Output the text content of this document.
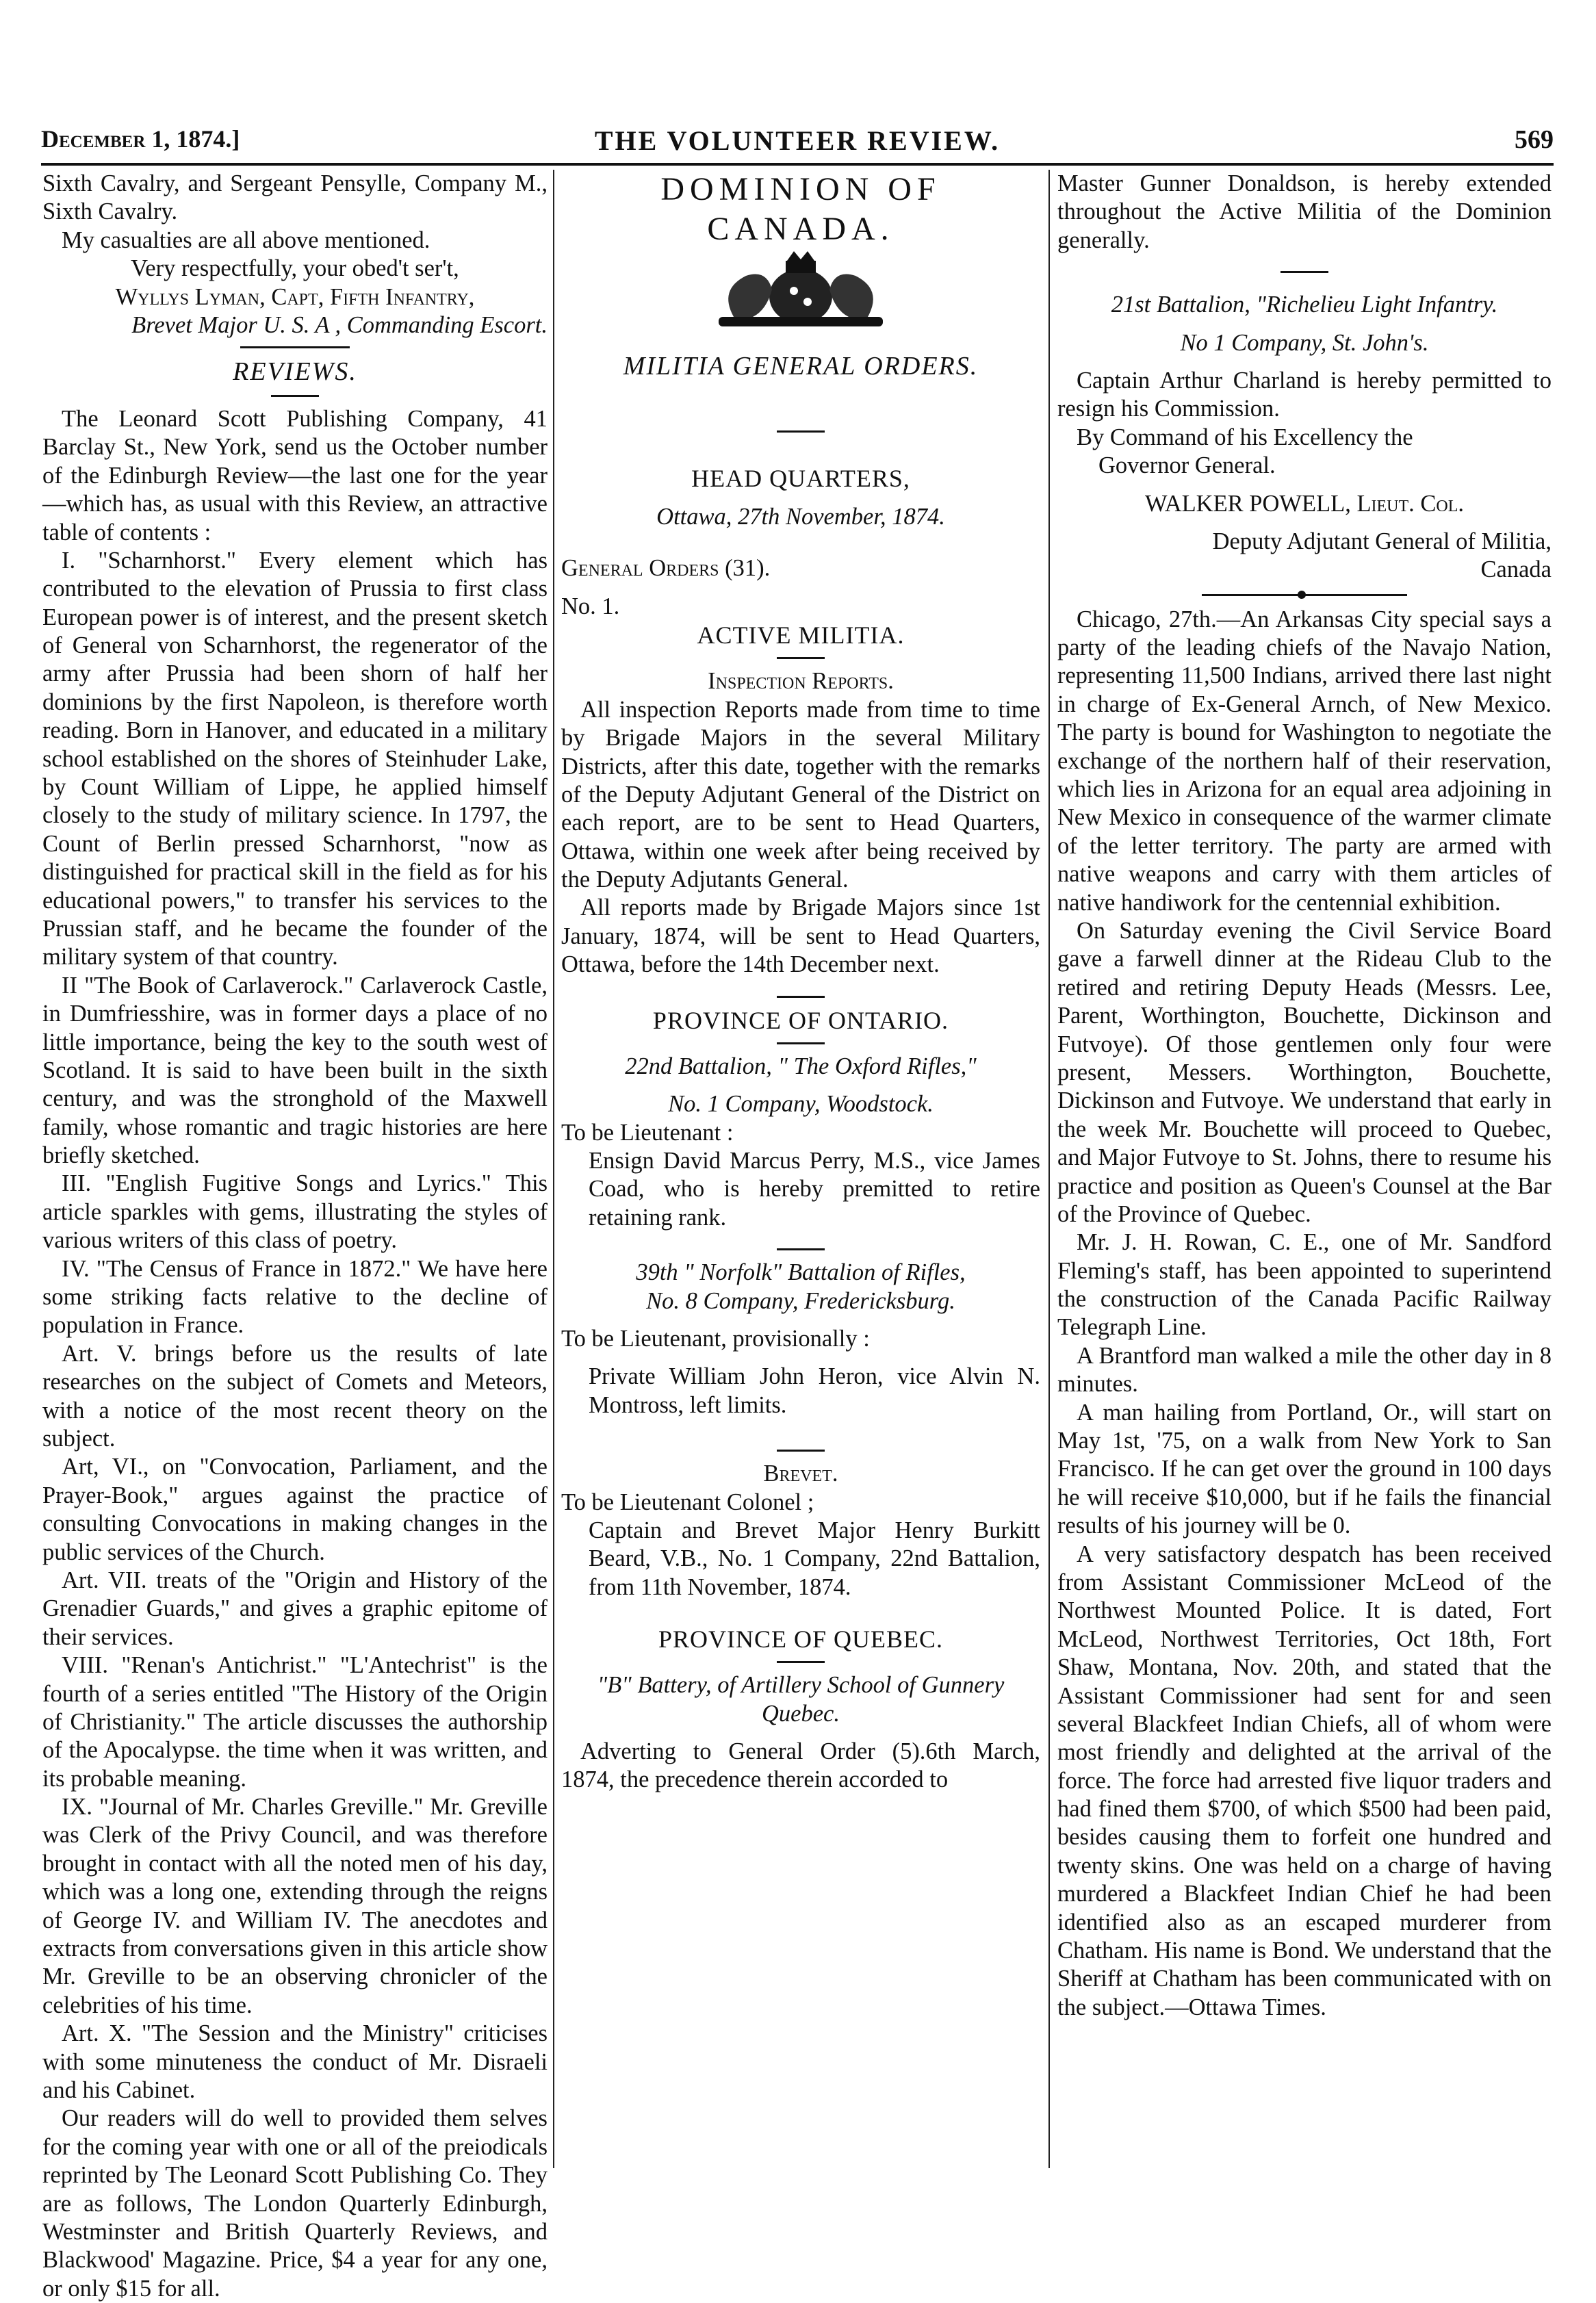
December 1, 1874.]	THE VOLUNTEER REVIEW.	569

Sixth Cavalry, and Sergeant Pensylle, Company M., Sixth Cavalry.

My casualties are all above mentioned.

Very respectfully, your obed't ser't,

Wyllys Lyman, Capt, Fifth Infantry,

Brevet Major U. S. A , Commanding Escort.

REVIEWS.

The Leonard Scott Publishing Company, 41 Barclay St., New York, send us the October number of the Edinburgh Review—the last one for the year—which has, as usual with this Review, an attractive table of contents :

I. "Scharnhorst." Every element which has contributed to the elevation of Prussia to first class European power is of interest, and the present sketch of General von Scharnhorst, the regenerator of the army after Prussia had been shorn of half her dominions by the first Napoleon, is therefore worth reading. Born in Hanover, and educated in a military school established on the shores of Steinhuder Lake, by Count William of Lippe, he applied himself closely to the study of military science. In 1797, the Count of Berlin pressed Scharnhorst, "now as distinguished for practical skill in the field as for his educational powers," to transfer his services to the Prussian staff, and he became the founder of the military system of that country.

II "The Book of Carlaverock." Carlaverock Castle, in Dumfriesshire, was in former days a place of no little importance, being the key to the south west of Scotland. It is said to have been built in the sixth century, and was the stronghold of the Maxwell family, whose romantic and tragic histories are here briefly sketched.

III. "English Fugitive Songs and Lyrics." This article sparkles with gems, illustrating the styles of various writers of this class of poetry.

IV. "The Census of France in 1872." We have here some striking facts relative to the decline of population in France.

Art. V. brings before us the results of late researches on the subject of Comets and Meteors, with a notice of the most recent theory on the subject.

Art, VI., on "Convocation, Parliament, and the Prayer-Book," argues against the practice of consulting Convocations in making changes in the public services of the Church.

Art. VII. treats of the "Origin and History of the Grenadier Guards," and gives a graphic epitome of their services.

VIII. "Renan's Antichrist." "L'Antechrist" is the fourth of a series entitled "The History of the Origin of Christianity." The article discusses the authorship of the Apocalypse. the time when it was written, and its probable meaning.

IX. "Journal of Mr. Charles Greville." Mr. Greville was Clerk of the Privy Council, and was therefore brought in contact with all the noted men of his day, which was a long one, extending through the reigns of George IV. and William IV. The anecdotes and extracts from conversations given in this article show Mr. Greville to be an observing chronicler of the celebrities of his time.

Art. X. "The Session and the Ministry" criticises with some minuteness the conduct of Mr. Disraeli and his Cabinet.

Our readers will do well to provided them selves for the coming year with one or all of the preiodicals reprinted by The Leonard Scott Publishing Co. They are as follows, The London Quarterly Edinburgh, Westminster and British Quarterly Reviews, and Blackwood' Magazine. Price, $4 a year for any one, or only $15 for all.

DOMINION OF CANADA.

MILITIA GENERAL ORDERS.

HEAD QUARTERS,

Ottawa, 27th November, 1874.

General Orders (31).

No. 1.

ACTIVE MILITIA.

Inspection Reports.

All inspection Reports made from time to time by Brigade Majors in the several Military Districts, after this date, together with the remarks of the Deputy Adjutant General of the District on each report, are to be sent to Head Quarters, Ottawa, within one week after being received by the Deputy Adjutants General.

All reports made by Brigade Majors since 1st January, 1874, will be sent to Head Quarters, Ottawa, before the 14th December next.

PROVINCE OF ONTARIO.

22nd Battalion, " The Oxford Rifles,"

No. 1 Company, Woodstock.

To be Lieutenant :

Ensign David Marcus Perry, M.S., vice James Coad, who is hereby premitted to retire retaining rank.

39th " Norfolk" Battalion of Rifles,

No. 8 Company, Fredericksburg.

To be Lieutenant, provisionally :

Private William John Heron, vice Alvin N. Montross, left limits.

Brevet.

To be Lieutenant Colonel ;

Captain and Brevet Major Henry Burkitt Beard, V.B., No. 1 Company, 22nd Battalion, from 11th November, 1874.

PROVINCE OF QUEBEC.

"B" Battery, of Artillery School of Gunnery Quebec.

Adverting to General Order (5).6th March, 1874, the precedence therein accorded to

Master Gunner Donaldson, is hereby extended throughout the Active Militia of the Dominion generally.

21st Battalion, "Richelieu Light Infantry.

No 1 Company, St. John's.

Captain Arthur Charland is hereby permitted to resign his Commission.

By Command of his Excellency the

Governor General.

WALKER POWELL, Lieut. Col.

Deputy Adjutant General of Militia,

Canada

Chicago, 27th.—An Arkansas City special says a party of the leading chiefs of the Navajo Nation, representing 11,500 Indians, arrived there last night in charge of Ex-General Arnch, of New Mexico. The party is bound for Washington to negotiate the exchange of the northern half of their reservation, which lies in Arizona for an equal area adjoining in New Mexico in consequence of the warmer climate of the letter territory. The party are armed with native weapons and carry with them articles of native handiwork for the centennial exhibition.

On Saturday evening the Civil Service Board gave a farwell dinner at the Rideau Club to the retired and retiring Deputy Heads (Messrs. Lee, Parent, Worthington, Bouchette, Dickinson and Futvoye). Of those gentlemen only four were present, Messers. Worthington, Bouchette, Dickinson and Futvoye. We understand that early in the week Mr. Bouchette will proceed to Quebec, and Major Futvoye to St. Johns, there to resume his practice and position as Queen's Counsel at the Bar of the Province of Quebec.

Mr. J. H. Rowan, C. E., one of Mr. Sandford Fleming's staff, has been appointed to superintend the construction of the Canada Pacific Railway Telegraph Line.

A Brantford man walked a mile the other day in 8 minutes.

A man hailing from Portland, Or., will start on May 1st, '75, on a walk from New York to San Francisco. If he can get over the ground in 100 days he will receive $10,000, but if he fails the financial results of his journey will be 0.

A very satisfactory despatch has been received from Assistant Commissioner McLeod of the Northwest Mounted Police. It is dated, Fort McLeod, Northwest Territories, Oct 18th, Fort Shaw, Montana, Nov. 20th, and stated that the Assistant Commissioner had sent for and seen several Blackfeet Indian Chiefs, all of whom were most friendly and delighted at the arrival of the force. The force had arrested five liquor traders and had fined them $700, of which $500 had been paid, besides causing them to forfeit one hundred and twenty skins. One was held on a charge of having murdered a Blackfeet Indian Chief he had been identified also as an escaped murderer from Chatham. His name is Bond. We understand that the Sheriff at Chatham has been communicated with on the subject.—Ottawa Times.
